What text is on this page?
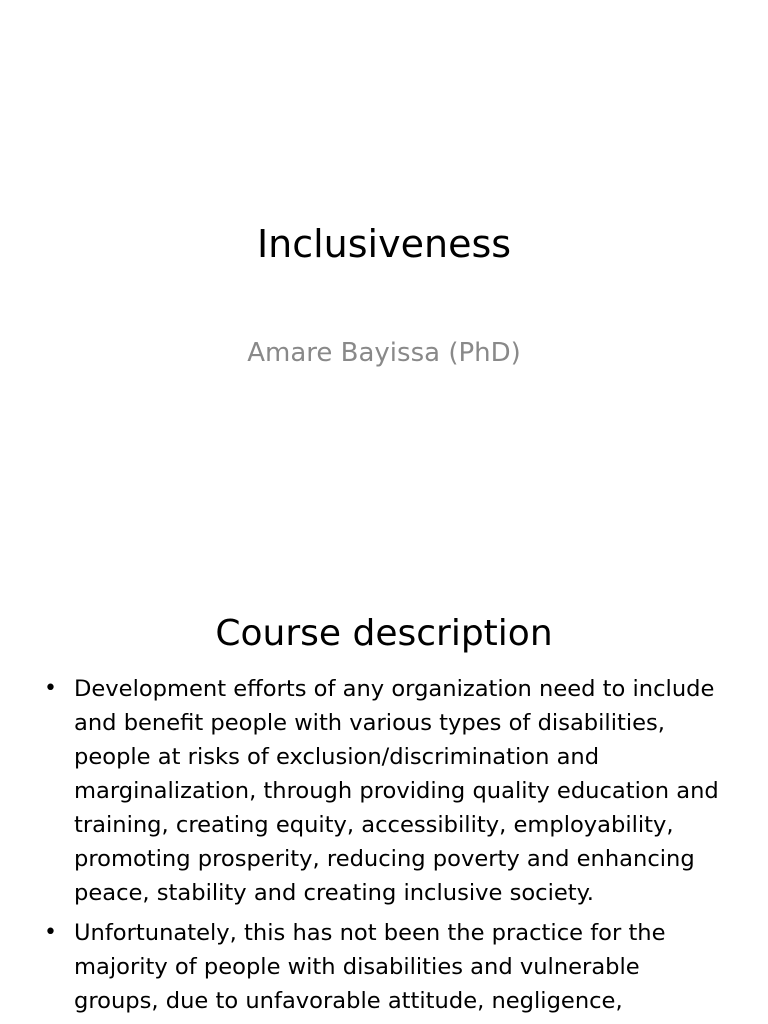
Inclusiveness
Amare Bayissa (PhD)
Course description
• Development efforts of any organization need to include and benefit people with various types of disabilities, people at risks of exclusion/discrimination and marginalization, through providing quality education and training, creating equity, accessibility, employability, promoting prosperity, reducing poverty and enhancing peace, stability and creating inclusive society.
• Unfortunately, this has not been the practice for the majority of people with disabilities and vulnerable groups, due to unfavorable attitude, negligence,
